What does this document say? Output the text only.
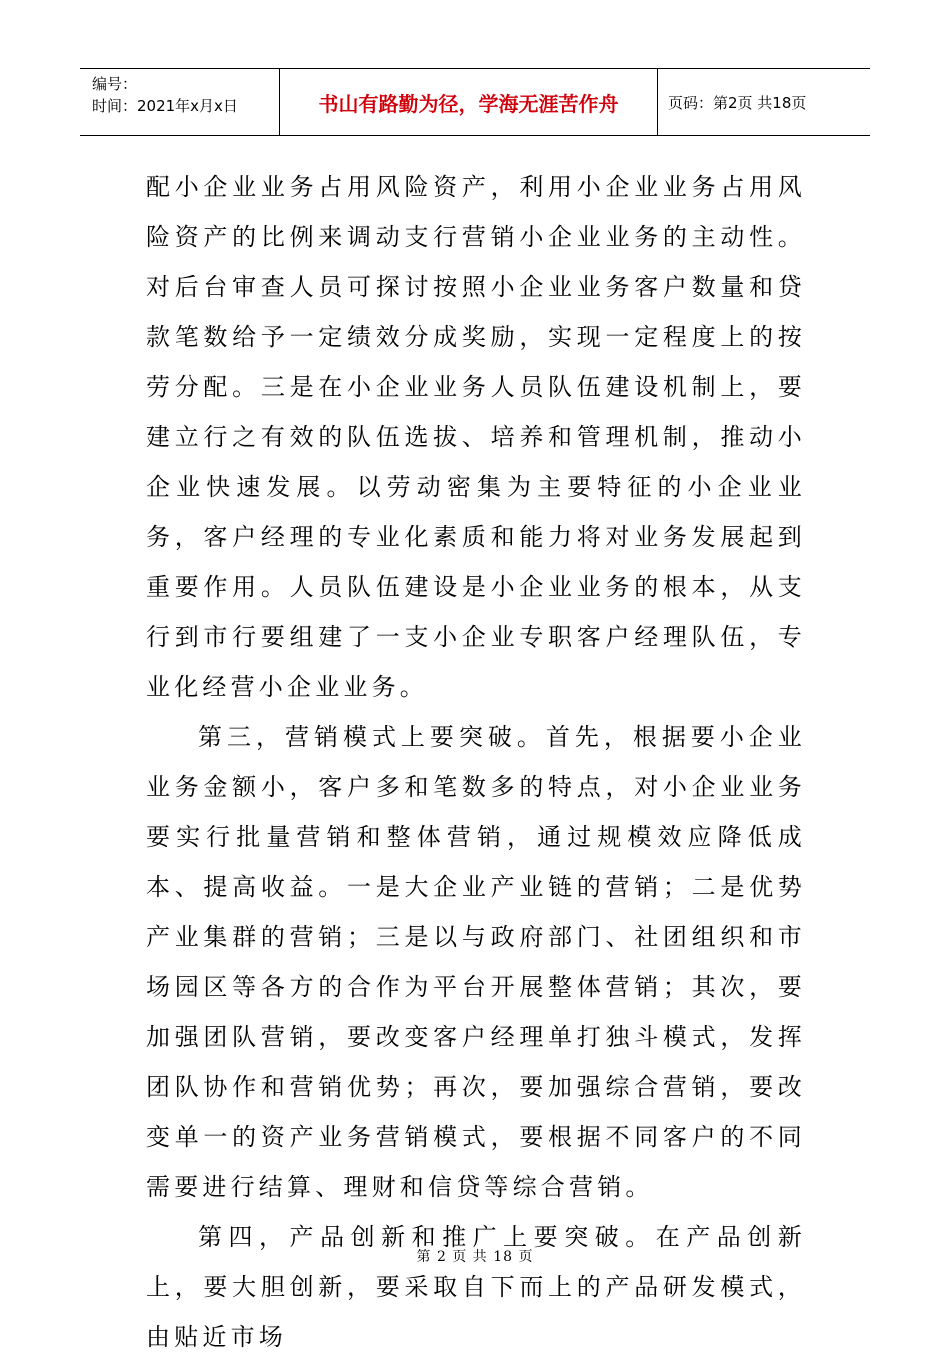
编号：
时间：2021年x月x日	书山有路勤为径，学海无涯苦作舟	页码：第2页 共18页

配小企业业务占用风险资产，利用小企业业务占用风险资产的比例来调动支行营销小企业业务的主动性。对后台审查人员可探讨按照小企业业务客户数量和贷款笔数给予一定绩效分成奖励，实现一定程度上的按劳分配。三是在小企业业务人员队伍建设机制上，要建立行之有效的队伍选拔、培养和管理机制，推动小企业快速发展。以劳动密集为主要特征的小企业业务，客户经理的专业化素质和能力将对业务发展起到重要作用。人员队伍建设是小企业业务的根本，从支行到市行要组建了一支小企业专职客户经理队伍，专业化经营小企业业务。

第三，营销模式上要突破。首先，根据要小企业业务金额小，客户多和笔数多的特点，对小企业业务要实行批量营销和整体营销，通过规模效应降低成本、提高收益。一是大企业产业链的营销；二是优势产业集群的营销；三是以与政府部门、社团组织和市场园区等各方的合作为平台开展整体营销；其次，要加强团队营销，要改变客户经理单打独斗模式，发挥团队协作和营销优势；再次，要加强综合营销，要改变单一的资产业务营销模式，要根据不同客户的不同需要进行结算、理财和信贷等综合营销。

第四，产品创新和推广上要突破。在产品创新上，要大胆创新，要采取自下而上的产品研发模式，由贴近市场

第 2 页 共 18 页
